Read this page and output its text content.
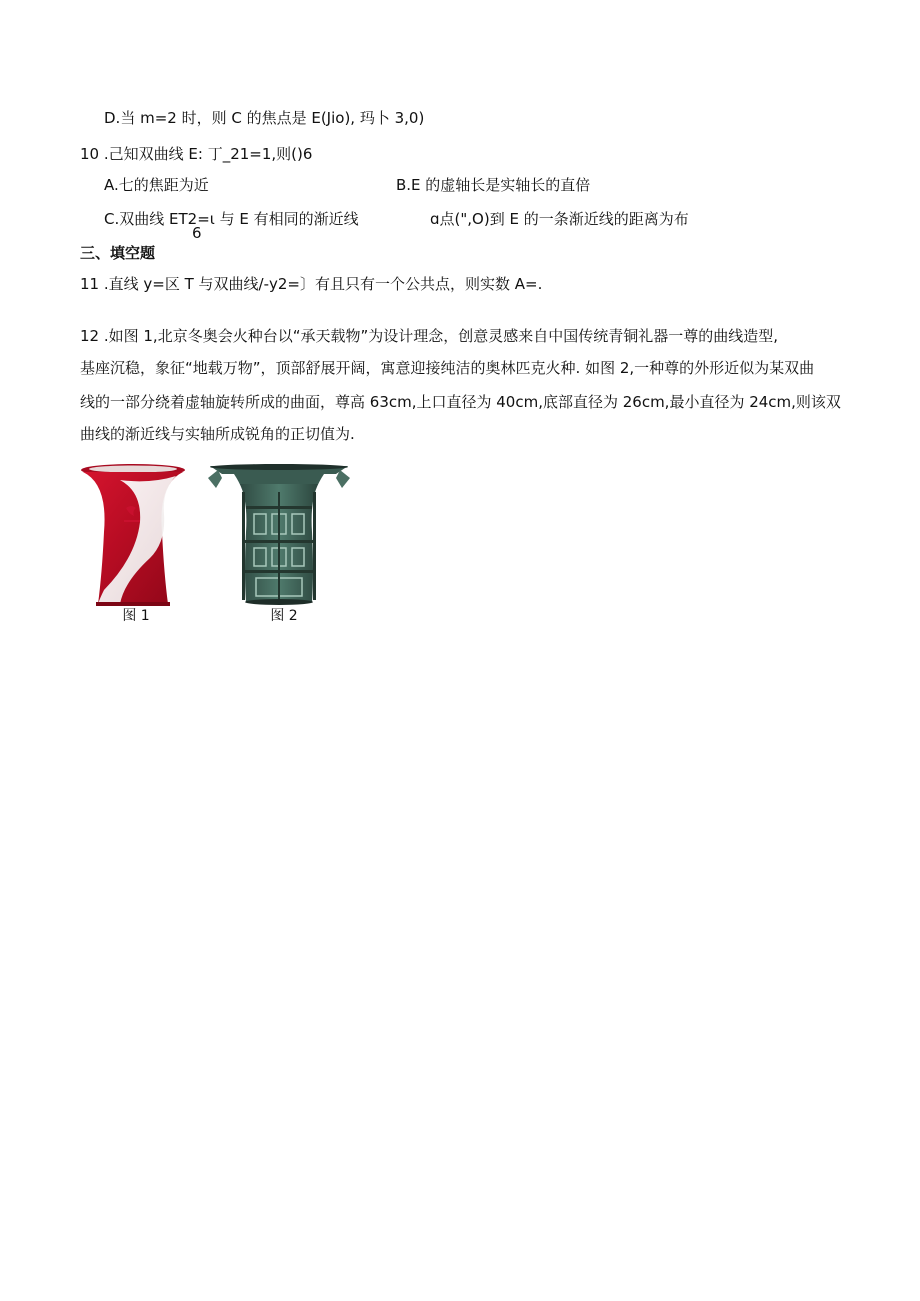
D.当 m=2 时，则 C 的焦点是 E(Jio), 玛卜 3,0)
10 .己知双曲线 E: 丁_21=1,则()6
A.七的焦距为近	B.E 的虚轴长是实轴长的直倍
C.双曲线 ET2=ι 与 E 有相同的渐近线
6
ɑ点(",O)到 E 的一条渐近线的距离为布
三、填空题
11 .直线 y=区 T 与双曲线/-y2=〕有且只有一个公共点，则实数 A=.
12 .如图 1,北京冬奥会火种台以“承天载物”为设计理念，创意灵感来自中国传统青铜礼器一尊的曲线造型,
基座沉稳，象征“地载万物”，顶部舒展开阔，寓意迎接纯洁的奥林匹克火种. 如图 2,一种尊的外形近似为某双曲
线的一部分绕着虚轴旋转所成的曲面，尊高 63cm,上口直径为 40cm,底部直径为 26cm,最小直径为 24cm,则该双
曲线的渐近线与实轴所成锐角的正切值为.
图 1	图 2
